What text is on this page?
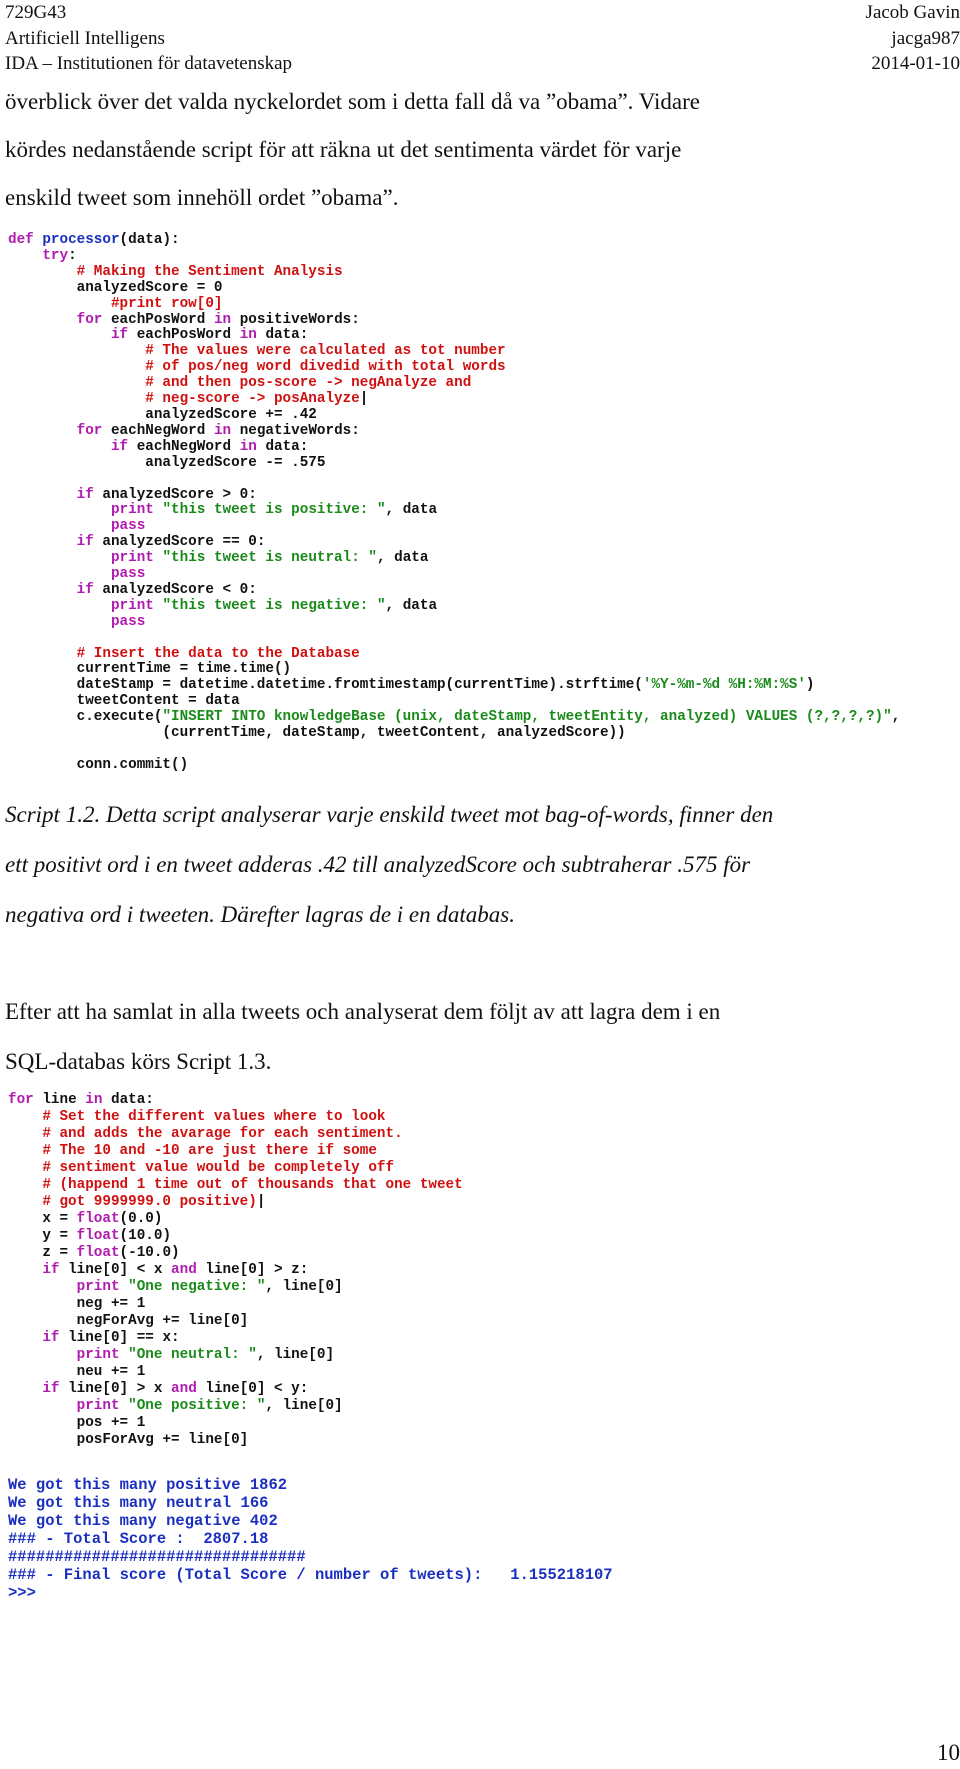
729G43
Artificiell Intelligens
IDA – Institutionen för datavetenskap
Jacob Gavin
jacga987
2014-01-10

överblick över det valda nyckelordet som i detta fall då va ”obama”. Vidare

kördes nedanstående script för att räkna ut det sentimenta värdet för varje

enskild tweet som innehöll ordet ”obama”.

def processor(data):
try:
# Making the Sentiment Analysis
analyzedScore = 0
#print row[0]
for eachPosWord in positiveWords:
if eachPosWord in data:
# The values were calculated as tot number
# of pos/neg word divedid with total words
# and then pos-score -> negAnalyze and
# neg-score -> posAnalyze|
analyzedScore += .42
for eachNegWord in negativeWords:
if eachNegWord in data:
analyzedScore -= .575
if analyzedScore > 0:
print "this tweet is positive: ", data
pass
if analyzedScore == 0:
print "this tweet is neutral: ", data
pass
if analyzedScore < 0:
print "this tweet is negative: ", data
pass
# Insert the data to the Database
currentTime = time.time()
dateStamp = datetime.datetime.fromtimestamp(currentTime).strftime('%Y-%m-%d %H:%M:%S')
tweetContent = data
c.execute("INSERT INTO knowledgeBase (unix, dateStamp, tweetEntity, analyzed) VALUES (?,?,?,?)",
(currentTime, dateStamp, tweetContent, analyzedScore))
conn.commit()

Script 1.2. Detta script analyserar varje enskild tweet mot bag-of-words, finner den

ett positivt ord i en tweet adderas .42 till analyzedScore och subtraherar .575 för

negativa ord i tweeten. Därefter lagras de i en databas.

Efter att ha samlat in alla tweets och analyserat dem följt av att lagra dem i en

SQL-databas körs Script 1.3.

for line in data:
# Set the different values where to look
# and adds the avarage for each sentiment.
# The 10 and -10 are just there if some
# sentiment value would be completely off
# (happend 1 time out of thousands that one tweet
# got 9999999.0 positive)|
x = float(0.0)
y = float(10.0)
z = float(-10.0)
if line[0] < x and line[0] > z:
print "One negative: ", line[0]
neg += 1
negForAvg += line[0]
if line[0] == x:
print "One neutral: ", line[0]
neu += 1
if line[0] > x and line[0] < y:
print "One positive: ", line[0]
pos += 1
posForAvg += line[0]
We got this many positive 1862
We got this many neutral 166
We got this many negative 402
### - Total Score :  2807.18
################################
### - Final score (Total Score / number of tweets):   1.155218107
>>>
10
